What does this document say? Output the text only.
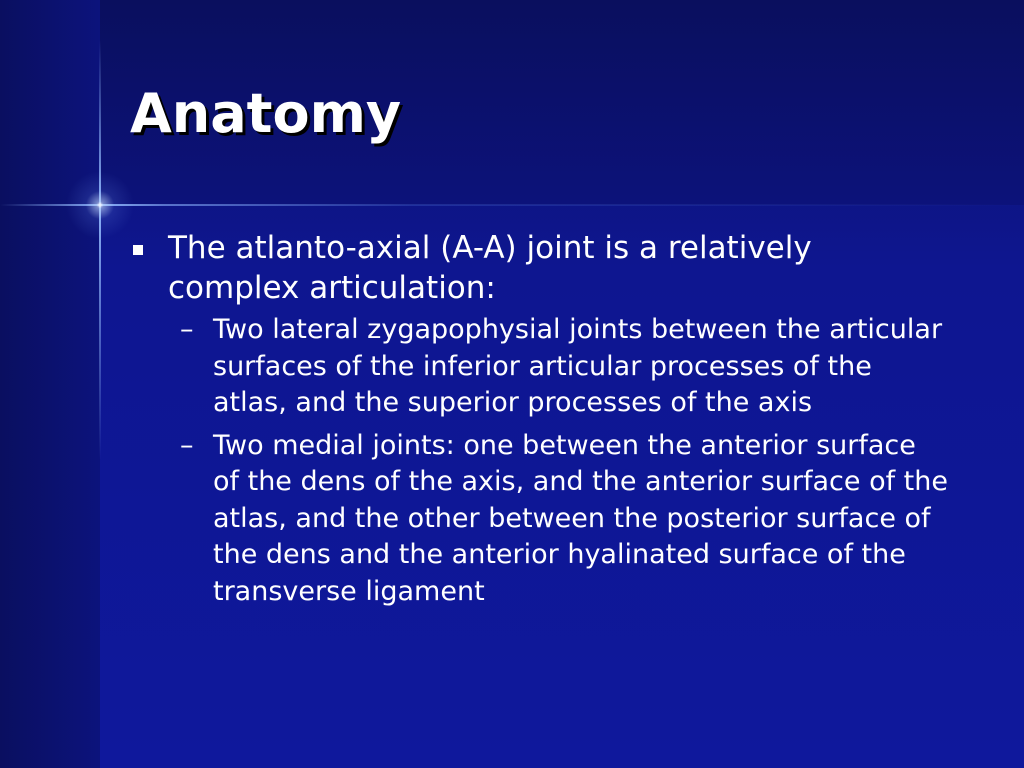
Anatomy
The atlanto-axial (A-A) joint is a relatively complex articulation:
– Two lateral zygapophysial joints between the articular surfaces of the inferior articular processes of the atlas, and the superior processes of the axis
– Two medial joints: one between the anterior surface of the dens of the axis, and the anterior surface of the atlas, and the other between the posterior surface of the dens and the anterior hyalinated surface of the transverse ligament
